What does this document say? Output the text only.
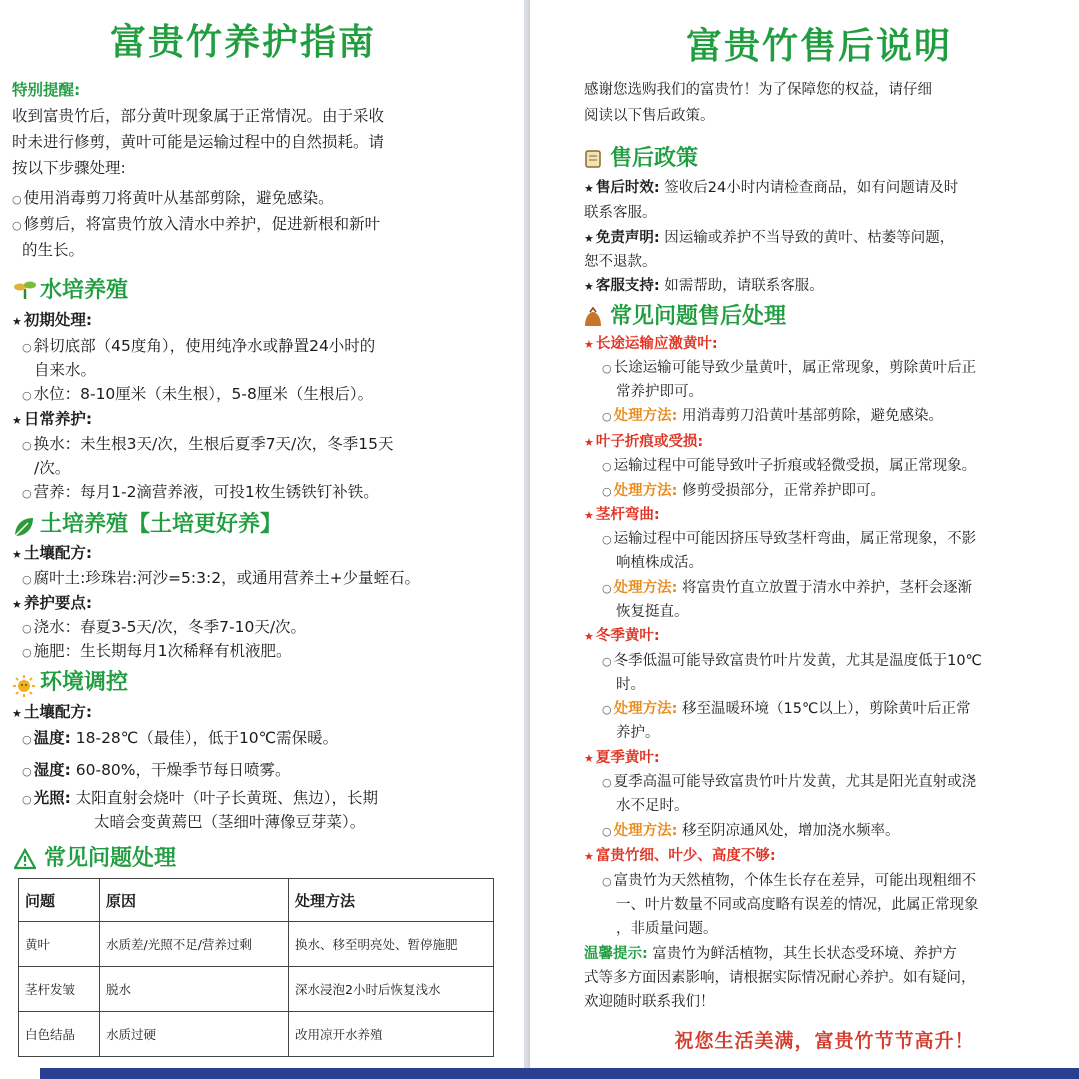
富贵竹养护指南
特别提醒:
收到富贵竹后，部分黄叶现象属于正常情况。由于采收
时未进行修剪，黄叶可能是运输过程中的自然损耗。请
按以下步骤处理:
○ 使用消毒剪刀将黄叶从基部剪除，避免感染。
○ 修剪后，将富贵竹放入清水中养护，促进新根和新叶
的生长。
水培养殖
★ 初期处理:
○ 斜切底部（45度角），使用纯净水或静置24小时的
自来水。
○ 水位：8-10厘米（未生根），5-8厘米（生根后）。
★ 日常养护:
○ 换水：未生根3天/次，生根后夏季7天/次，冬季15天
/次。
○ 营养：每月1-2滴营养液，可投1枚生锈铁钉补铁。
土培养殖【土培更好养】
★ 土壤配方:
○ 腐叶土:珍珠岩:河沙=5:3:2，或通用营养土+少量蛭石。
★ 养护要点:
○ 浇水：春夏3-5天/次，冬季7-10天/次。
○ 施肥：生长期每月1次稀释有机液肥。
环境调控
★ 土壤配方:
○ 温度: 18-28℃（最佳），低于10℃需保暖。
○ 湿度: 60-80%，干燥季节每日喷雾。
○ 光照: 太阳直射会烧叶（叶子长黄斑、焦边），长期
太暗会变黄蔫巴（茎细叶薄像豆芽菜）。
常见问题处理
问题	原因	处理方法
黄叶	水质差/光照不足/营养过剩	换水、移至明亮处、暂停施肥
茎杆发皱	脱水	深水浸泡2小时后恢复浅水
白色结晶	水质过硬	改用凉开水养殖
富贵竹售后说明
感谢您选购我们的富贵竹！为了保障您的权益，请仔细
阅读以下售后政策。
售后政策
★ 售后时效: 签收后24小时内请检查商品，如有问题请及时
联系客服。
★ 免责声明: 因运输或养护不当导致的黄叶、枯萎等问题，
恕不退款。
★ 客服支持: 如需帮助，请联系客服。
常见问题售后处理
★ 长途运输应激黄叶:
○ 长途运输可能导致少量黄叶，属正常现象，剪除黄叶后正
常养护即可。
○ 处理方法: 用消毒剪刀沿黄叶基部剪除，避免感染。
★ 叶子折痕或受损:
○ 运输过程中可能导致叶子折痕或轻微受损，属正常现象。
○ 处理方法: 修剪受损部分，正常养护即可。
★ 茎杆弯曲:
○ 运输过程中可能因挤压导致茎杆弯曲，属正常现象，不影
响植株成活。
○ 处理方法: 将富贵竹直立放置于清水中养护，茎杆会逐渐
恢复挺直。
★ 冬季黄叶:
○ 冬季低温可能导致富贵竹叶片发黄，尤其是温度低于10℃
时。
○ 处理方法: 移至温暖环境（15℃以上），剪除黄叶后正常
养护。
★ 夏季黄叶:
○ 夏季高温可能导致富贵竹叶片发黄，尤其是阳光直射或浇
水不足时。
○ 处理方法: 移至阴凉通风处，增加浇水频率。
★ 富贵竹细、叶少、高度不够:
○ 富贵竹为天然植物，个体生长存在差异，可能出现粗细不
一、叶片数量不同或高度略有误差的情况，此属正常现象
，非质量问题。
温馨提示: 富贵竹为鲜活植物，其生长状态受环境、养护方
式等多方面因素影响，请根据实际情况耐心养护。如有疑问，
欢迎随时联系我们！
祝您生活美满，富贵竹节节高升！
